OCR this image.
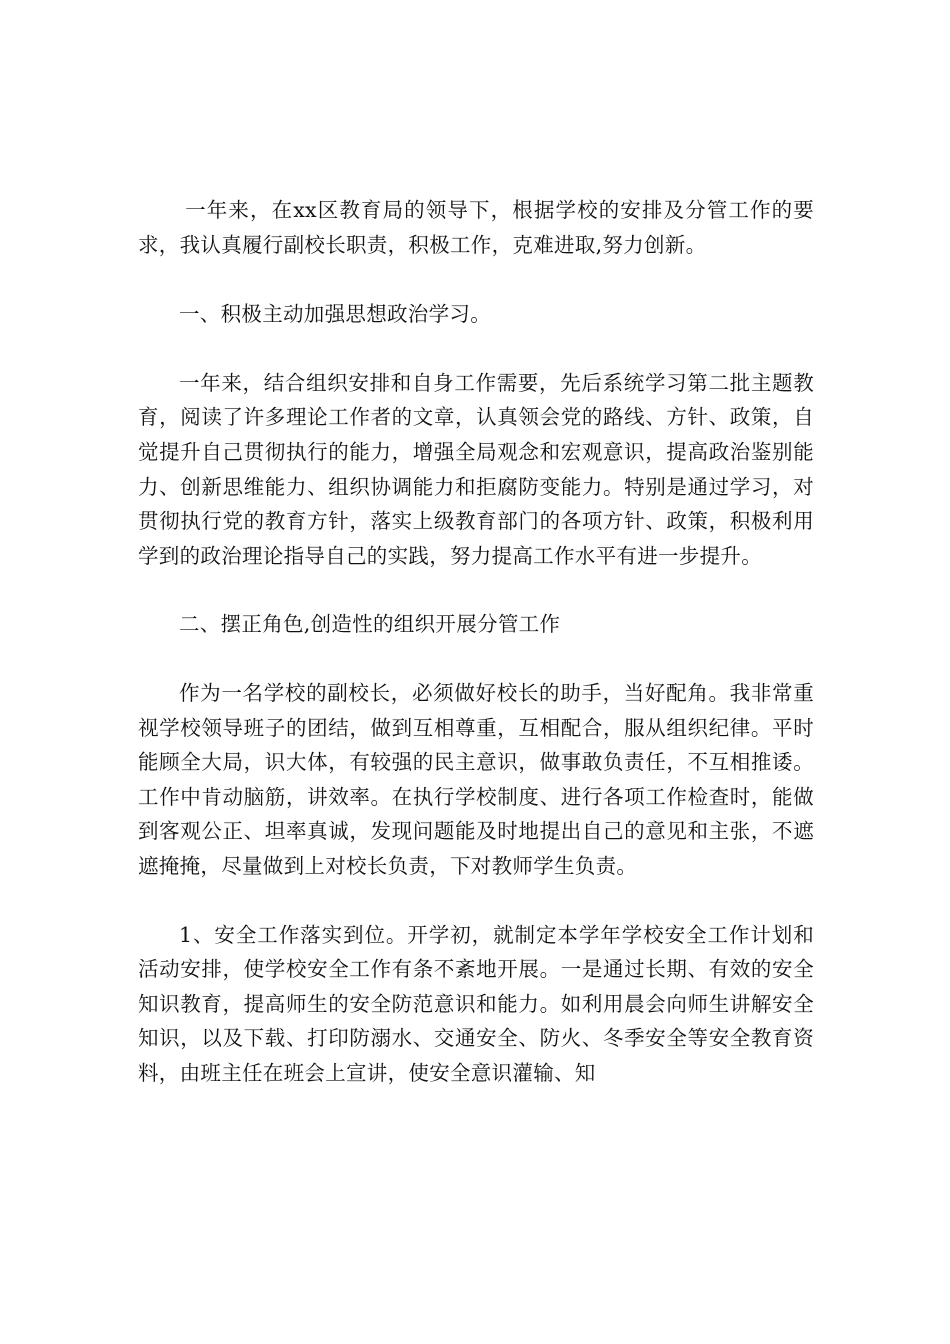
一年来，在xx区教育局的领导下，根据学校的安排及分管工作的要求，我认真履行副校长职责，积极工作，克难进取,努力创新。

一、积极主动加强思想政治学习。

一年来，结合组织安排和自身工作需要，先后系统学习第二批主题教育，阅读了许多理论工作者的文章，认真领会党的路线、方针、政策，自觉提升自己贯彻执行的能力，增强全局观念和宏观意识，提高政治鉴别能力、创新思维能力、组织协调能力和拒腐防变能力。特别是通过学习，对贯彻执行党的教育方针，落实上级教育部门的各项方针、政策，积极利用学到的政治理论指导自己的实践，努力提高工作水平有进一步提升。

二、摆正角色,创造性的组织开展分管工作

作为一名学校的副校长，必须做好校长的助手，当好配角。我非常重视学校领导班子的团结，做到互相尊重，互相配合，服从组织纪律。平时能顾全大局，识大体，有较强的民主意识，做事敢负责任，不互相推诿。工作中肯动脑筋，讲效率。在执行学校制度、进行各项工作检查时，能做到客观公正、坦率真诚，发现问题能及时地提出自己的意见和主张，不遮遮掩掩，尽量做到上对校长负责，下对教师学生负责。

1、安全工作落实到位。开学初，就制定本学年学校安全工作计划和活动安排，使学校安全工作有条不紊地开展。一是通过长期、有效的安全知识教育，提高师生的安全防范意识和能力。如利用晨会向师生讲解安全知识，以及下载、打印防溺水、交通安全、防火、冬季安全等安全教育资料，由班主任在班会上宣讲，使安全意识灌输、知
